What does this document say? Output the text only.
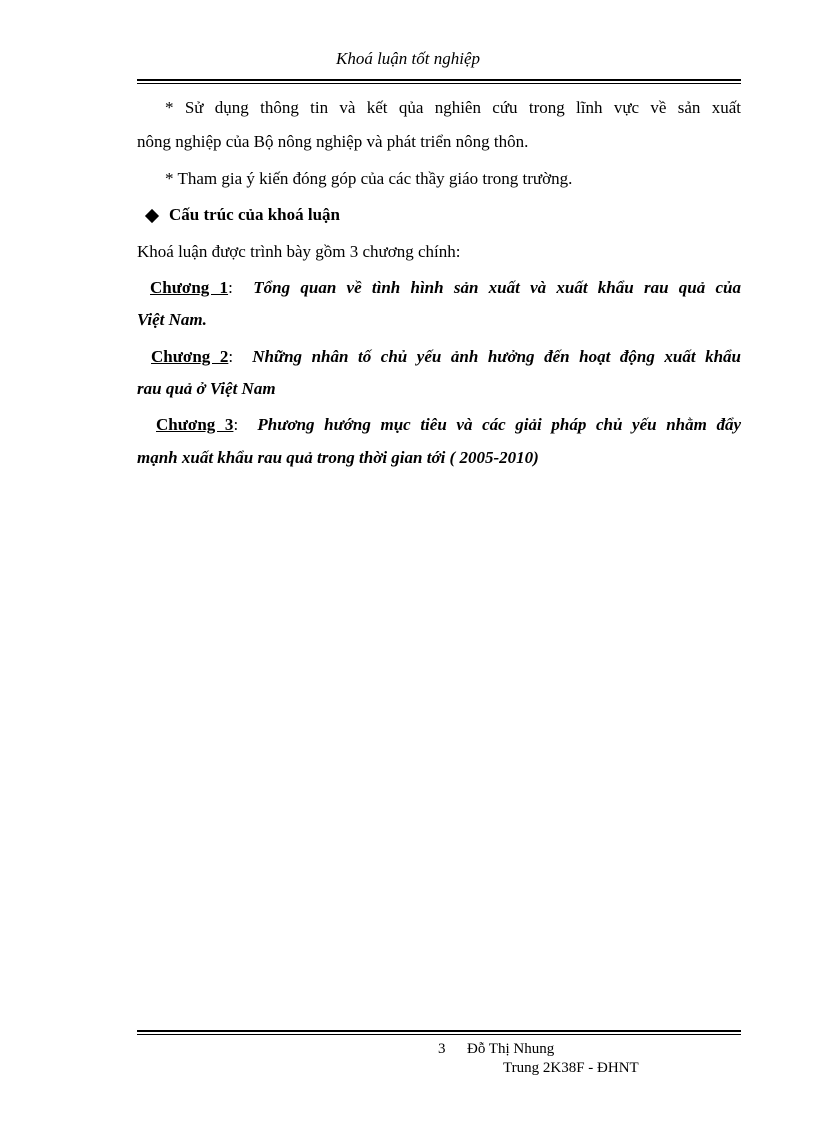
Khoá luận tốt nghiệp
* Sử dụng thông tin và kết qủa nghiên cứu trong lĩnh vực về sản xuất
nông nghiệp của Bộ nông nghiệp và phát triển nông thôn.
* Tham gia ý kiến đóng góp của các thầy giáo trong trường.
Cấu trúc của khoá luận
Khoá luận được trình bày gồm 3 chương chính:
Chương 1:  Tổng quan về tình hình sản xuất và xuất khẩu rau quả của
Việt Nam.
Chương 2:  Những nhân tố chủ yếu ảnh hưởng đến hoạt động xuất khẩu
rau quả ở Việt Nam
Chương 3:  Phương hướng mục tiêu và các giải pháp chủ yếu nhằm đẩy
mạnh xuất khẩu rau quả trong thời gian tới ( 2005-2010)
3 Đỗ Thị Nhung
Trung 2K38F - ĐHNT
